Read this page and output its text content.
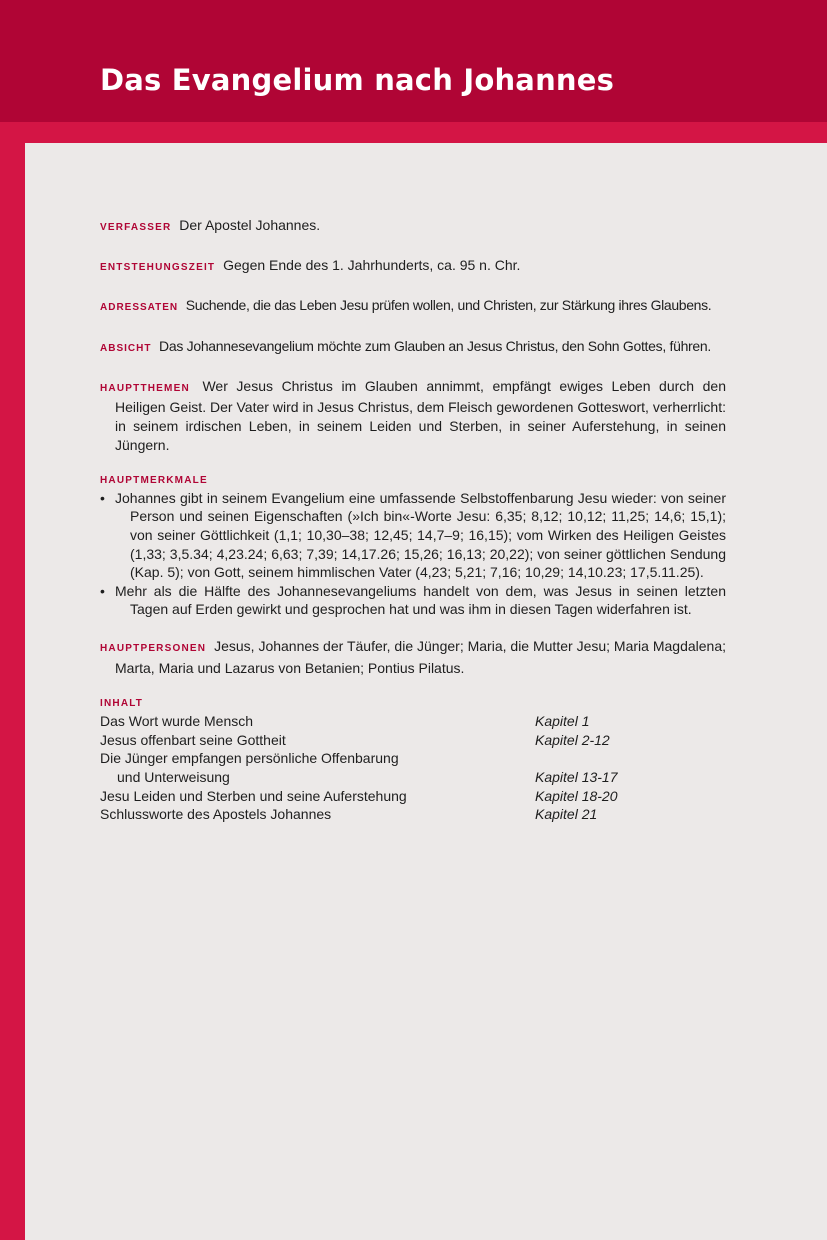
Das Evangelium nach Johannes

VERFASSER Der Apostel Johannes.

ENTSTEHUNGSZEIT Gegen Ende des 1. Jahrhunderts, ca. 95 n. Chr.

ADRESSATEN Suchende, die das Leben Jesu prüfen wollen, und Christen, zur Stärkung ihres Glaubens.

ABSICHT Das Johannesevangelium möchte zum Glauben an Jesus Christus, den Sohn Gottes, führen.

HAUPTTHEMEN Wer Jesus Christus im Glauben annimmt, empfängt ewiges Leben durch den Heiligen Geist. Der Vater wird in Jesus Christus, dem Fleisch gewordenen Gotteswort, verherrlicht: in seinem irdischen Leben, in seinem Leiden und Sterben, in seiner Auferstehung, in seinen Jüngern.

HAUPTMERKMALE
• Johannes gibt in seinem Evangelium eine umfassende Selbstoffenbarung Jesu wieder: von seiner Person und seinen Eigenschaften (»Ich bin«-Worte Jesu: 6,35; 8,12; 10,12; 11,25; 14,6; 15,1); von seiner Göttlichkeit (1,1; 10,30–38; 12,45; 14,7–9; 16,15); vom Wirken des Heiligen Geistes (1,33; 3,5.34; 4,23.24; 6,63; 7,39; 14,17.26; 15,26; 16,13; 20,22); von seiner göttlichen Sendung (Kap. 5); von Gott, seinem himmlischen Vater (4,23; 5,21; 7,16; 10,29; 14,10.23; 17,5.11.25).
• Mehr als die Hälfte des Johannesevangeliums handelt von dem, was Jesus in seinen letzten Tagen auf Erden gewirkt und gesprochen hat und was ihm in diesen Tagen widerfahren ist.

HAUPTPERSONEN Jesus, Johannes der Täufer, die Jünger; Maria, die Mutter Jesu; Maria Magdalena; Marta, Maria und Lazarus von Betanien; Pontius Pilatus.

INHALT
Das Wort wurde Mensch	Kapitel 1
Jesus offenbart seine Gottheit	Kapitel 2-12
Die Jünger empfangen persönliche Offenbarung
und Unterweisung	Kapitel 13-17
Jesu Leiden und Sterben und seine Auferstehung	Kapitel 18-20
Schlussworte des Apostels Johannes	Kapitel 21
